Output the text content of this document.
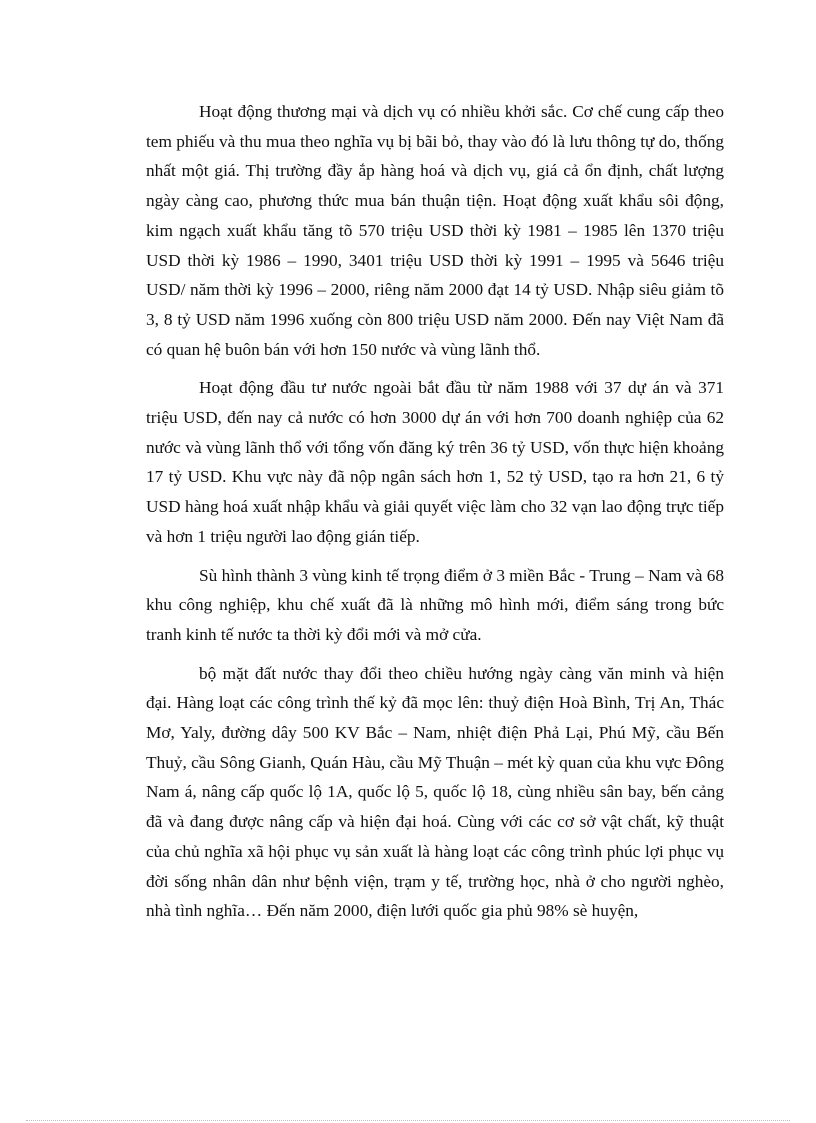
Hoạt động thương mại và dịch vụ có nhiều khởi sắc. Cơ chế cung cấp theo tem phiếu và thu mua theo nghĩa vụ bị bãi bỏ, thay vào đó là lưu thông tự do, thống nhất một giá. Thị trường đầy ắp hàng hoá và dịch vụ, giá cả ổn định, chất lượng ngày càng cao, phương thức mua bán thuận tiện. Hoạt động xuất khẩu sôi động, kim ngạch xuất khẩu tăng tõ 570 triệu USD thời kỳ 1981 – 1985 lên 1370 triệu USD thời kỳ 1986 – 1990, 3401 triệu USD thời kỳ 1991 – 1995 và 5646 triệu USD/ năm thời kỳ 1996 – 2000, riêng năm 2000 đạt 14 tỷ USD. Nhập siêu giảm tõ 3, 8 tỷ USD năm 1996 xuống còn 800 triệu USD năm 2000. Đến nay Việt Nam đã có quan hệ buôn bán với hơn 150 nước và vùng lãnh thổ.

Hoạt động đầu tư nước ngoài bắt đầu từ năm 1988 với 37 dự án và 371 triệu USD, đến nay cả nước có hơn 3000 dự án với hơn 700 doanh nghiệp của 62 nước và vùng lãnh thổ với tổng vốn đăng ký trên 36 tỷ USD, vốn thực hiện khoảng 17 tỷ USD. Khu vực này đã nộp ngân sách hơn 1, 52 tỷ USD, tạo ra hơn 21, 6 tỷ USD hàng hoá xuất nhập khẩu và giải quyết việc làm cho 32 vạn lao động trực tiếp và hơn 1 triệu người lao động gián tiếp.

Sù hình thành 3 vùng kinh tế trọng điểm ở 3 miền Bắc - Trung – Nam và 68 khu công nghiệp, khu chế xuất đã là những mô hình mới, điểm sáng trong bức tranh kinh tế nước ta thời kỳ đổi mới và mở cửa.

bộ mặt đất nước thay đổi theo chiều hướng ngày càng văn minh và hiện đại. Hàng loạt các công trình thế kỷ đã mọc lên: thuỷ điện Hoà Bình, Trị An, Thác Mơ, Yaly, đường dây 500 KV Bắc – Nam, nhiệt điện Phả Lại, Phú Mỹ, cầu Bến Thuỷ, cầu Sông Gianh, Quán Hàu, cầu Mỹ Thuận – mét kỳ quan của khu vực Đông Nam á, nâng cấp quốc lộ 1A, quốc lộ 5, quốc lộ 18, cùng nhiều sân bay, bến cảng đã và đang được nâng cấp và hiện đại hoá. Cùng với các cơ sở vật chất, kỹ thuật của chủ nghĩa xã hội phục vụ sản xuất là hàng loạt các công trình phúc lợi phục vụ đời sống nhân dân như bệnh viện, trạm y tế, trường học, nhà ở cho người nghèo, nhà tình nghĩa… Đến năm 2000, điện lưới quốc gia phủ 98% sè huyện,
